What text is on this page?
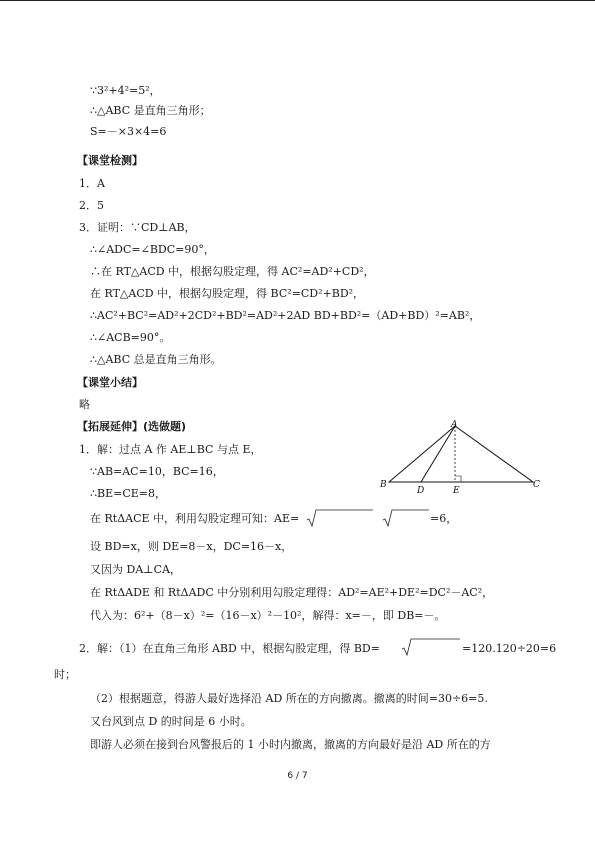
∵3²+4²=5²，
∴△ABC 是直角三角形；
S=－×3×4=6
【课堂检测】
1．A
2．5
3．证明：∵CD⊥AB，
∴∠ADC=∠BDC=90°，
∴在 RT△ACD 中，根据勾股定理，得 AC²=AD²+CD²，
在 RT△ACD 中，根据勾股定理，得 BC²=CD²+BD²，
∴AC²+BC²=AD²+2CD²+BD²=AD²+2AD BD+BD²=（AD+BD）²=AB²，
∴∠ACB=90°。
∴△ABC 总是直角三角形。
【课堂小结】
略
【拓展延伸】(选做题)
1．解：过点 A 作 AE⊥BC 与点 E，
∵AB=AC=10，BC=16，
∴BE=CE=8，
在 RtΔACE 中，利用勾股定理可知：AE=	=6，
设 BD=x，则 DE=8－x，DC=16－x，
又因为 DA⊥CA，
在 RtΔADE 和 RtΔADC 中分别利用勾股定理得：AD²=AE²+DE²=DC²－AC²，
代入为：6²+（8－x）²=（16－x）²－10²，解得：x=－，即 DB=－。
2．解：（1）在直角三角形 ABD 中，根据勾股定理，得 BD=	=120.120÷20=6
时；
（2）根据题意，得游人最好选择沿 AD 所在的方向撤离。撤离的时间=30÷6=5.
又台风到点 D 的时间是 6 小时。
即游人必须在接到台风警报后的 1 小时内撤离，撤离的方向最好是沿 AD 所在的方
A
B	C
D	E
6 / 7
